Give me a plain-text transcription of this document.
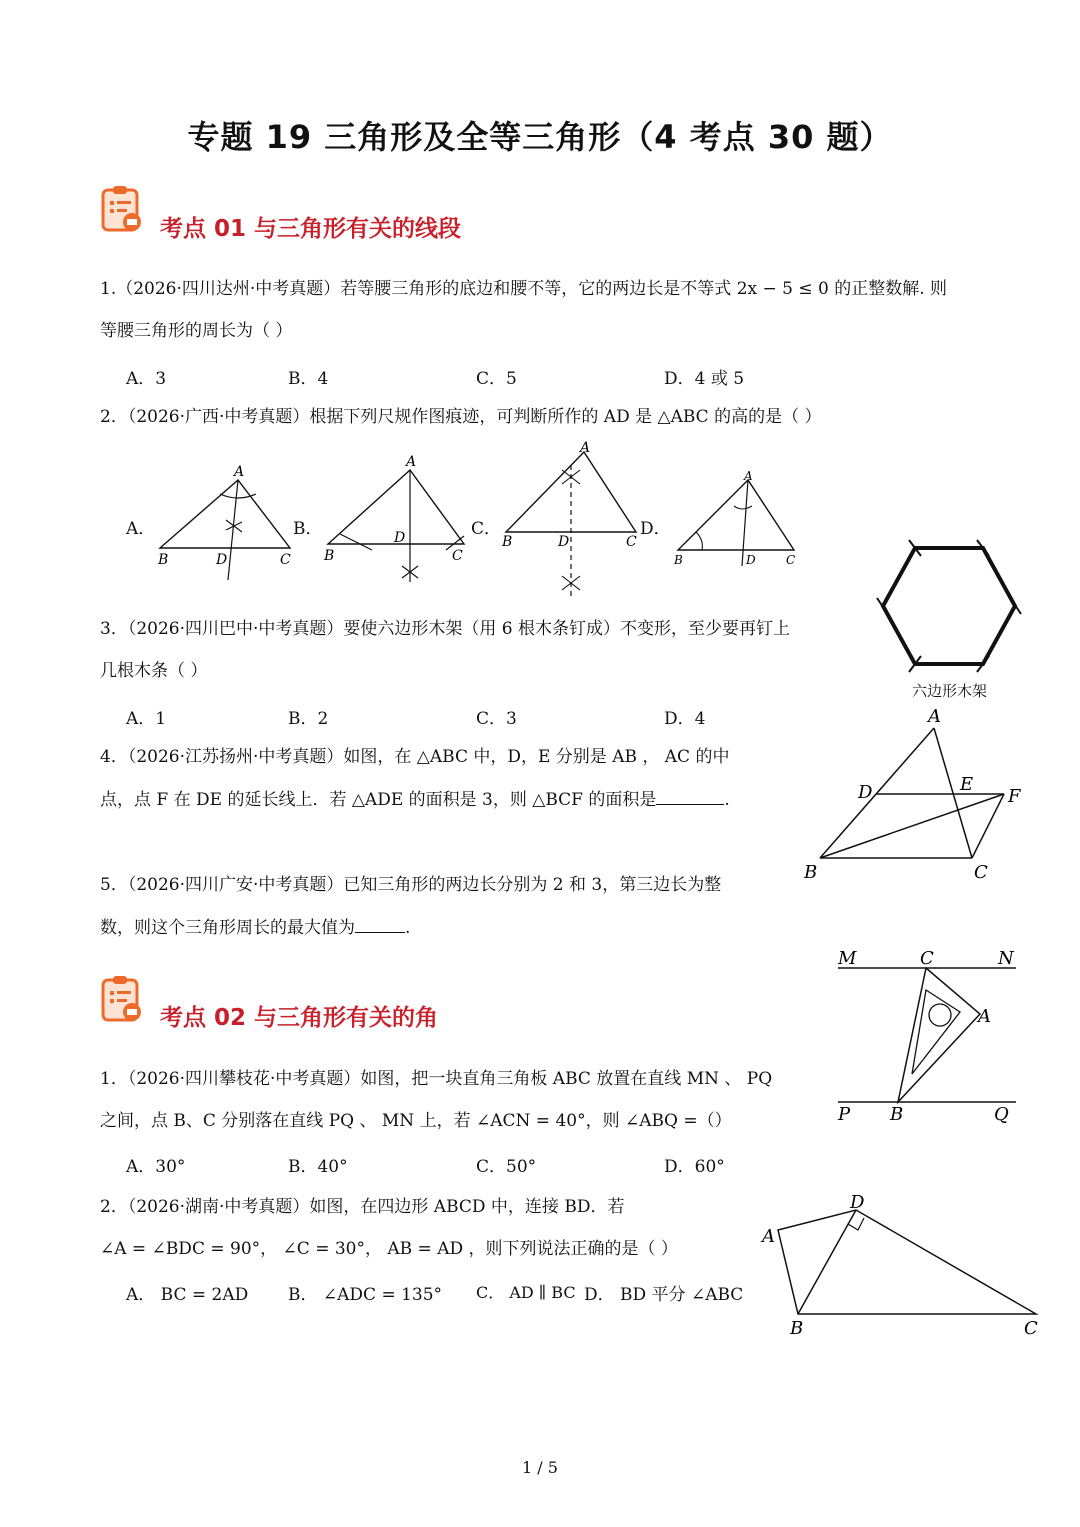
专题 19 三角形及全等三角形（4 考点 30 题）
考点 01 与三角形有关的线段
1.（2026·四川达州·中考真题）若等腰三角形的底边和腰不等，它的两边长是不等式 2x − 5 ≤ 0 的正整数解. 则
等腰三角形的周长为（ ）
A．3	B．4	C．5	D．4 或 5
2．（2026·广西·中考真题）根据下列尺规作图痕迹，可判断所作的 AD 是 △ABC 的高的是（ ）
A．	B．	C．	D．
A
B	D	C
A
B
D
C
A
B	D	C
A
B	D	C
3．（2026·四川巴中·中考真题）要使六边形木架（用 6 根木条钉成）不变形，至少要再钉上
几根木条（ ）
A．1	B．2	C．3	D．4
六边形木架
4．（2026·江苏扬州·中考真题）如图，在 △ABC 中，D，E 分别是 AB ， AC 的中
点，点 F 在 DE 的延长线上．若 △ADE 的面积是 3，则 △BCF 的面积是	.
A
D	E
F
B	C
5．（2026·四川广安·中考真题）已知三角形的两边长分别为 2 和 3，第三边长为整
数，则这个三角形周长的最大值为	.
考点 02 与三角形有关的角
M	C	N
A
P B	Q
1．（2026·四川攀枝花·中考真题）如图，把一块直角三角板 ABC 放置在直线 MN 、 PQ
之间，点 B、C 分别落在直线 PQ 、 MN 上，若 ∠ACN = 40°，则 ∠ABQ =（）
A．30°	B．40°	C．50°	D．60°
2．（2026·湖南·中考真题）如图，在四边形 ABCD 中，连接 BD．若
∠A = ∠BDC = 90°， ∠C = 30°， AB = AD ，则下列说法正确的是（ ）
A． BC = 2AD B． ∠ADC = 135° C． AD ∥ BC D． BD 平分 ∠ABC
D
A
B	C
1 / 5
